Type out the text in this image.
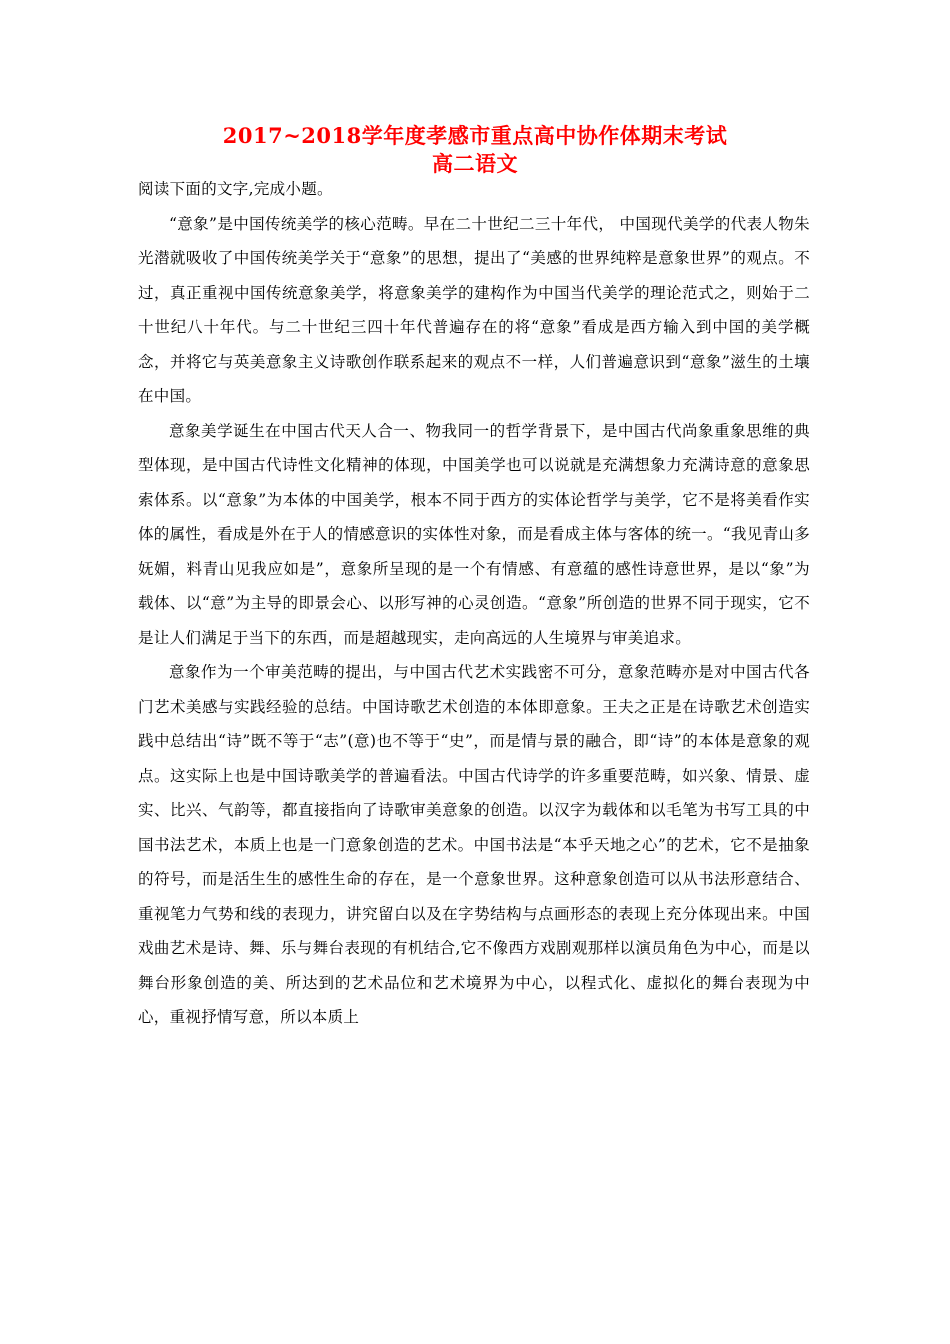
2017~2018学年度孝感市重点高中协作体期末考试
高二语文

阅读下面的文字,完成小题。

“意象”是中国传统美学的核心范畴。早在二十世纪二三十年代， 中国现代美学的代表人物朱光潜就吸收了中国传统美学关于“意象”的思想，提出了“美感的世界纯粹是意象世界”的观点。不过，真正重视中国传统意象美学，将意象美学的建构作为中国当代美学的理论范式之，则始于二十世纪八十年代。与二十世纪三四十年代普遍存在的将“意象”看成是西方输入到中国的美学概念，并将它与英美意象主义诗歌创作联系起来的观点不一样，人们普遍意识到“意象”滋生的土壤在中国。

意象美学诞生在中国古代天人合一、物我同一的哲学背景下，是中国古代尚象重象思维的典型体现，是中国古代诗性文化精神的体现，中国美学也可以说就是充满想象力充满诗意的意象思索体系。以“意象”为本体的中国美学，根本不同于西方的实体论哲学与美学，它不是将美看作实体的属性，看成是外在于人的情感意识的实体性对象，而是看成主体与客体的统一。“我见青山多妩媚，料青山见我应如是”，意象所呈现的是一个有情感、有意蕴的感性诗意世界，是以“象”为载体、以“意”为主导的即景会心、以形写神的心灵创造。“意象”所创造的世界不同于现实，它不是让人们满足于当下的东西，而是超越现实，走向高远的人生境界与审美追求。

意象作为一个审美范畴的提出，与中国古代艺术实践密不可分，意象范畴亦是对中国古代各门艺术美感与实践经验的总结。中国诗歌艺术创造的本体即意象。王夫之正是在诗歌艺术创造实践中总结出“诗”既不等于“志”(意)也不等于“史”，而是情与景的融合，即“诗”的本体是意象的观点。这实际上也是中国诗歌美学的普遍看法。中国古代诗学的许多重要范畴，如兴象、情景、虚实、比兴、气韵等，都直接指向了诗歌审美意象的创造。以汉字为载体和以毛笔为书写工具的中国书法艺术，本质上也是一门意象创造的艺术。中国书法是“本乎天地之心”的艺术，它不是抽象的符号，而是活生生的感性生命的存在，是一个意象世界。这种意象创造可以从书法形意结合、重视笔力气势和线的表现力，讲究留白以及在字势结构与点画形态的表现上充分体现出来。中国戏曲艺术是诗、舞、乐与舞台表现的有机结合,它不像西方戏剧观那样以演员角色为中心，而是以舞台形象创造的美、所达到的艺术品位和艺术境界为中心，以程式化、虚拟化的舞台表现为中心，重视抒情写意，所以本质上
